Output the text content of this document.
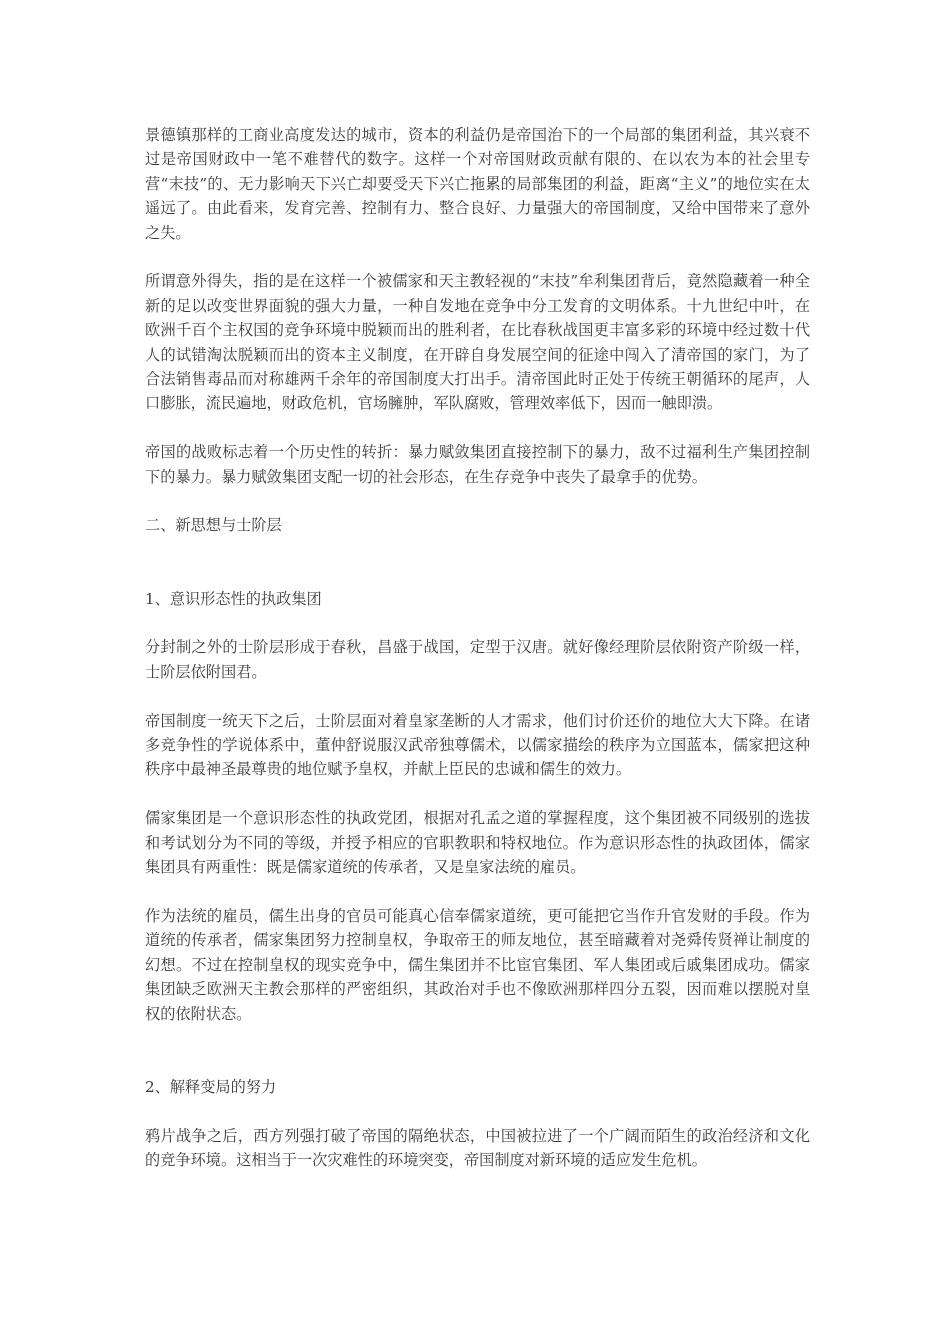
景德镇那样的工商业高度发达的城市，资本的利益仍是帝国治下的一个局部的集团利益，其兴衰不过是帝国财政中一笔不难替代的数字。这样一个对帝国财政贡献有限的、在以农为本的社会里专营“末技”的、无力影响天下兴亡却要受天下兴亡拖累的局部集团的利益，距离“主义”的地位实在太遥远了。由此看来，发育完善、控制有力、整合良好、力量强大的帝国制度，又给中国带来了意外之失。

所谓意外得失，指的是在这样一个被儒家和天主教轻视的“末技”牟利集团背后，竟然隐藏着一种全新的足以改变世界面貌的强大力量，一种自发地在竞争中分工发育的文明体系。十九世纪中叶，在欧洲千百个主权国的竞争环境中脱颖而出的胜利者，在比春秋战国更丰富多彩的环境中经过数十代人的试错淘汰脱颖而出的资本主义制度，在开辟自身发展空间的征途中闯入了清帝国的家门，为了合法销售毒品而对称雄两千余年的帝国制度大打出手。清帝国此时正处于传统王朝循环的尾声，人口膨胀，流民遍地，财政危机，官场臃肿，军队腐败，管理效率低下，因而一触即溃。

帝国的战败标志着一个历史性的转折：暴力赋敛集团直接控制下的暴力，敌不过福利生产集团控制下的暴力。暴力赋敛集团支配一切的社会形态，在生存竞争中丧失了最拿手的优势。

二、新思想与士阶层

1、意识形态性的执政集团

分封制之外的士阶层形成于春秋，昌盛于战国，定型于汉唐。就好像经理阶层依附资产阶级一样，士阶层依附国君。

帝国制度一统天下之后，士阶层面对着皇家垄断的人才需求，他们讨价还价的地位大大下降。在诸多竞争性的学说体系中，董仲舒说服汉武帝独尊儒术，以儒家描绘的秩序为立国蓝本，儒家把这种秩序中最神圣最尊贵的地位赋予皇权，并献上臣民的忠诚和儒生的效力。

儒家集团是一个意识形态性的执政党团，根据对孔孟之道的掌握程度，这个集团被不同级别的选拔和考试划分为不同的等级，并授予相应的官职教职和特权地位。作为意识形态性的执政团体，儒家集团具有两重性：既是儒家道统的传承者，又是皇家法统的雇员。

作为法统的雇员，儒生出身的官员可能真心信奉儒家道统，更可能把它当作升官发财的手段。作为道统的传承者，儒家集团努力控制皇权，争取帝王的师友地位，甚至暗藏着对尧舜传贤禅让制度的幻想。不过在控制皇权的现实竞争中，儒生集团并不比宦官集团、军人集团或后戚集团成功。儒家集团缺乏欧洲天主教会那样的严密组织，其政治对手也不像欧洲那样四分五裂，因而难以摆脱对皇权的依附状态。

2、解释变局的努力

鸦片战争之后，西方列强打破了帝国的隔绝状态，中国被拉进了一个广阔而陌生的政治经济和文化的竞争环境。这相当于一次灾难性的环境突变，帝国制度对新环境的适应发生危机。
